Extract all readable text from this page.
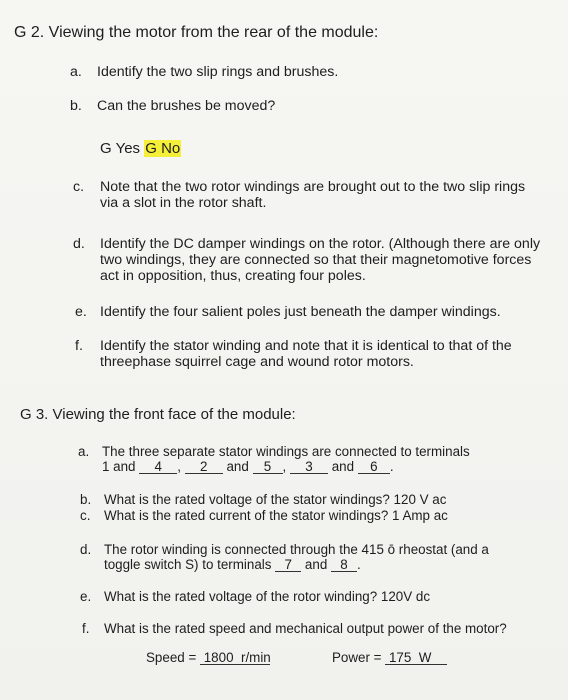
G 2. Viewing the motor from the rear of the module:
a. Identify the two slip rings and brushes.
b. Can the brushes be moved?
G Yes G No
c. Note that the two rotor windings are brought out to the two slip rings
via a slot in the rotor shaft.
d. Identify the DC damper windings on the rotor. (Although there are only
two windings, they are connected so that their magnetomotive forces
act in opposition, thus, creating four poles.
e. Identify the four salient poles just beneath the damper windings.
f. Identify the stator winding and note that it is identical to that of the
threephase squirrel cage and wound rotor motors.
G 3. Viewing the front face of the module:
a. The three separate stator windings are connected to terminals
1 and 4 , 2 and 5 , 3 and 6 .
b. What is the rated voltage of the stator windings? 120 V ac
c. What is the rated current of the stator windings? 1 Amp ac
d. The rotor winding is connected through the 415 ō rheostat (and a
toggle switch S) to terminals 7 and 8 .
e. What is the rated voltage of the rotor winding? 120V dc
f. What is the rated speed and mechanical output power of the motor?
Speed = 1800 r/min	Power = 175 W
